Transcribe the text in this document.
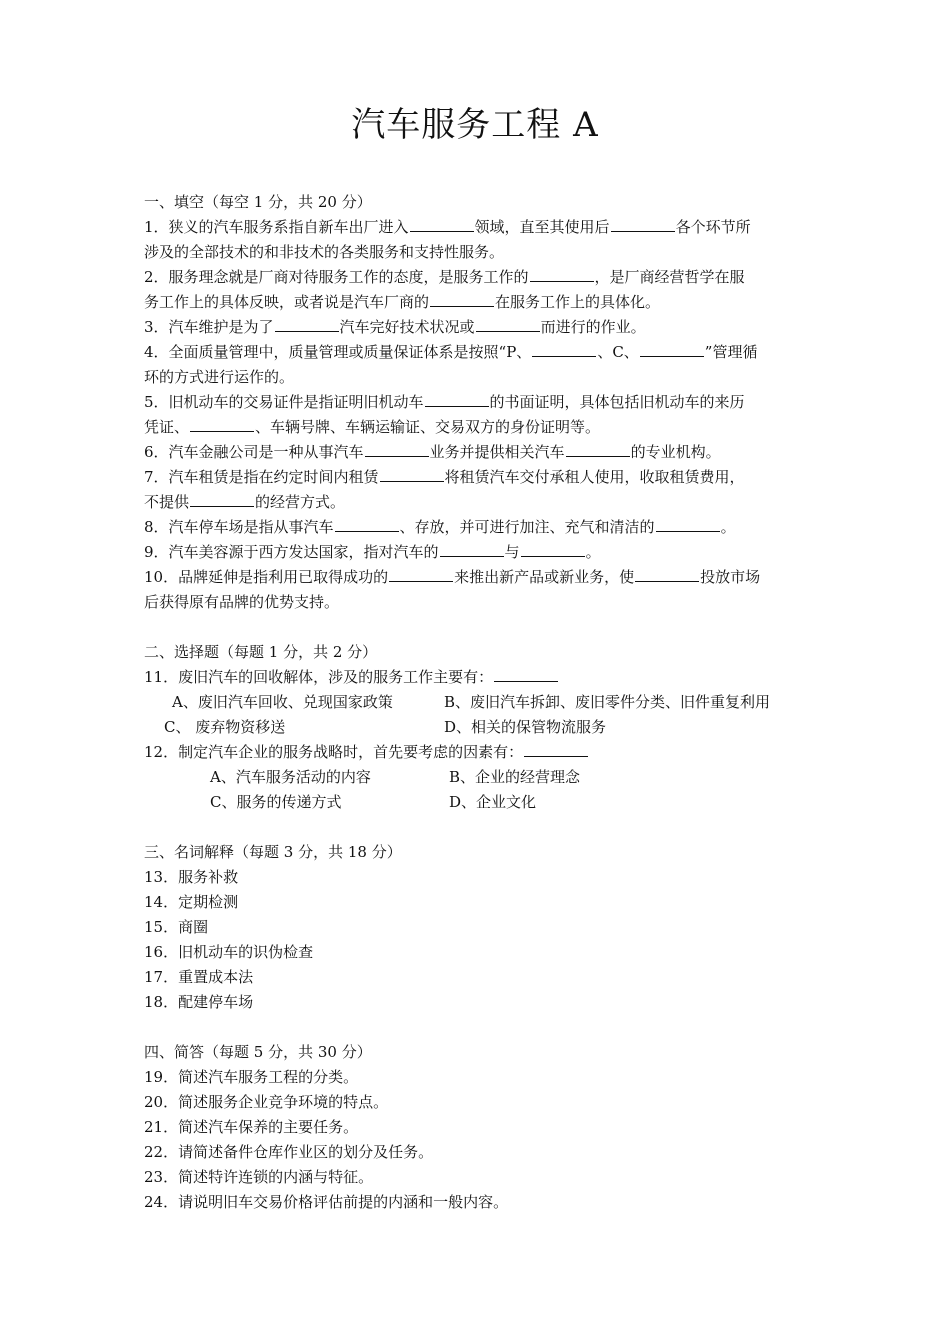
汽车服务工程 A
一、填空（每空 1 分，共 20 分）
1．狭义的汽车服务系指自新车出厂进入	领域，直至其使用后	各个环节所
涉及的全部技术的和非技术的各类服务和支持性服务。
2．服务理念就是厂商对待服务工作的态度，是服务工作的	，是厂商经营哲学在服
务工作上的具体反映，或者说是汽车厂商的	在服务工作上的具体化。
3．汽车维护是为了	汽车完好技术状况或	而进行的作业。
4．全面质量管理中，质量管理或质量保证体系是按照“P、	、C、	”管理循
环的方式进行运作的。
5．旧机动车的交易证件是指证明旧机动车	的书面证明，具体包括旧机动车的来历
凭证、	、车辆号牌、车辆运输证、交易双方的身份证明等。
6．汽车金融公司是一种从事汽车	业务并提供相关汽车	的专业机构。
7．汽车租赁是指在约定时间内租赁	将租赁汽车交付承租人使用，收取租赁费用，
不提供	的经营方式。
8．汽车停车场是指从事汽车	、存放，并可进行加注、充气和清洁的	。
9．汽车美容源于西方发达国家，指对汽车的	与	。
10．品牌延伸是指利用已取得成功的	来推出新产品或新业务，使	投放市场
后获得原有品牌的优势支持。
二、选择题（每题 1 分，共 2 分）
11．废旧汽车的回收解体，涉及的服务工作主要有：
A、废旧汽车回收、兑现国家政策	B、废旧汽车拆卸、废旧零件分类、旧件重复利用
C、 废弃物资移送	D、相关的保管物流服务
12．制定汽车企业的服务战略时，首先要考虑的因素有：
A、汽车服务活动的内容	B、企业的经营理念
C、服务的传递方式	D、企业文化
三、名词解释（每题 3 分，共 18 分）
13．服务补救
14．定期检测
15．商圈
16．旧机动车的识伪检查
17．重置成本法
18．配建停车场
四、简答（每题 5 分，共 30 分）
19．简述汽车服务工程的分类。
20．简述服务企业竞争环境的特点。
21．简述汽车保养的主要任务。
22．请简述备件仓库作业区的划分及任务。
23．简述特许连锁的内涵与特征。
24．请说明旧车交易价格评估前提的内涵和一般内容。
